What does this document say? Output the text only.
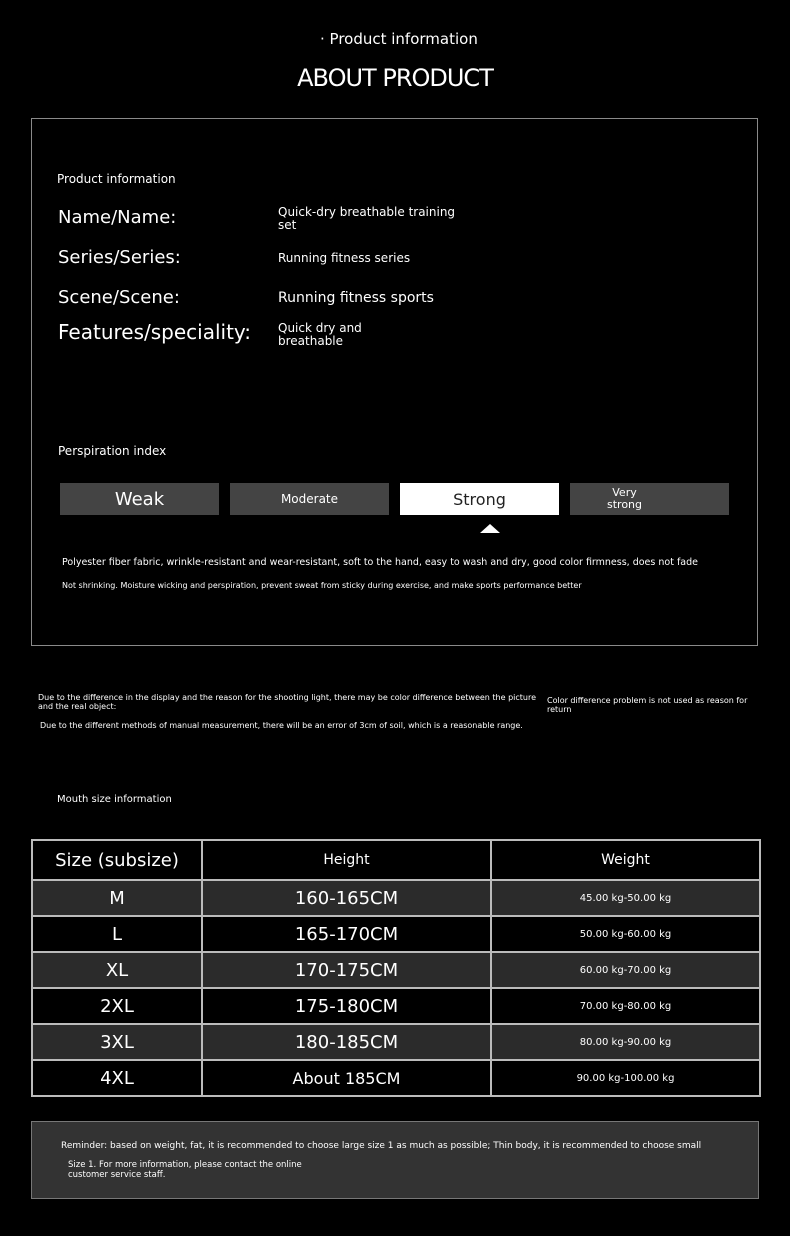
· Product information
ABOUT PRODUCT
Product information
Name/Name:	Quick-dry breathable training set
Series/Series:	Running fitness series
Scene/Scene:	Running fitness sports
Features/speciality: Quick dry and breathable
Perspiration index
Weak	Moderate	Strong	Very strong
Polyester fiber fabric, wrinkle-resistant and wear-resistant, soft to the hand, easy to wash and dry, good color firmness, does not fade
Not shrinking. Moisture wicking and perspiration, prevent sweat from sticky during exercise, and make sports performance better
Due to the difference in the display and the reason for the shooting light, there may be color difference between the picture and the real object:
Color difference problem is not used as reason for return
Due to the different methods of manual measurement, there will be an error of 3cm of soil, which is a reasonable range.
Mouth size information
Size (subsize)	Height	Weight
M	160-165CM	45.00 kg-50.00 kg
L	165-170CM	50.00 kg-60.00 kg
XL	170-175CM	60.00 kg-70.00 kg
2XL	175-180CM	70.00 kg-80.00 kg
3XL	180-185CM	80.00 kg-90.00 kg
4XL	About 185CM	90.00 kg-100.00 kg
Reminder: based on weight, fat, it is recommended to choose large size 1 as much as possible; Thin body, it is recommended to choose small
Size 1. For more information, please contact the online customer service staff.
